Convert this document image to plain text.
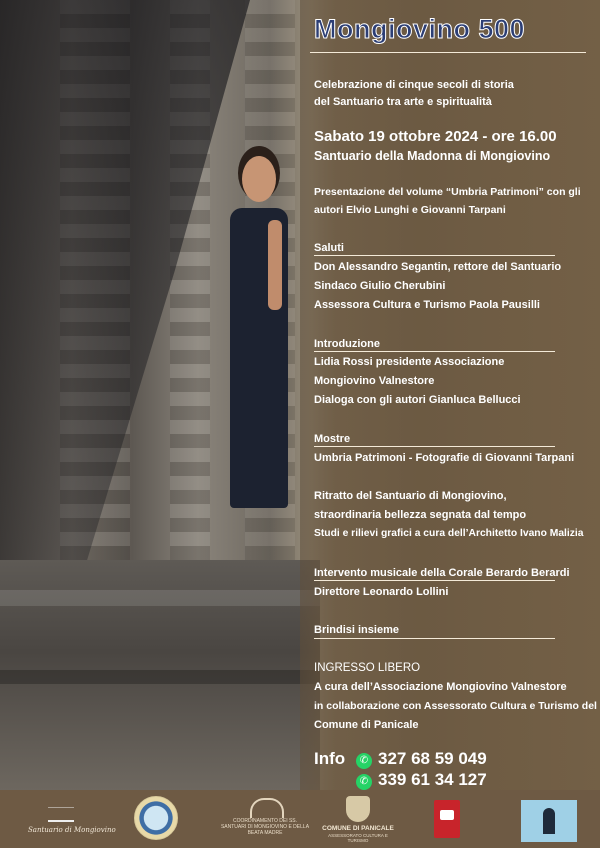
Mongiovino 500
Celebrazione di cinque secoli di storia
del Santuario tra arte e spiritualità
Sabato 19 ottobre 2024 - ore 16.00
Santuario della Madonna di Mongiovino
Presentazione del volume “Umbria Patrimoni” con gli
autori Elvio Lunghi e Giovanni Tarpani
Saluti
Don Alessandro Segantin, rettore del Santuario
Sindaco Giulio Cherubini
Assessora Cultura e Turismo Paola Pausilli
Introduzione
Lidia Rossi presidente Associazione
Mongiovino Valnestore
Dialoga con gli autori Gianluca Bellucci
Mostre
Umbria Patrimoni - Fotografie di Giovanni Tarpani
Ritratto del Santuario di Mongiovino,
straordinaria bellezza segnata dal tempo
Studi e rilievi grafici a cura dell’Architetto Ivano Malizia
Intervento musicale della Corale Berardo Berardi
Direttore Leonardo Lollini
Brindisi insieme
INGRESSO LIBERO
A cura dell’Associazione Mongiovino Valnestore
in collaborazione con Assessorato Cultura e Turismo del
Comune di Panicale
Info	✆ 327 68 59 049
✆ 339 61 34 127
Santuario di Mongiovino
COORDINAMENTO DEI SS. SANTUARI DI MONGIOVINO E DELLA BEATA MADRE
COMUNE DI PANICALE
ASSESSORATO CULTURA E TURISMO
